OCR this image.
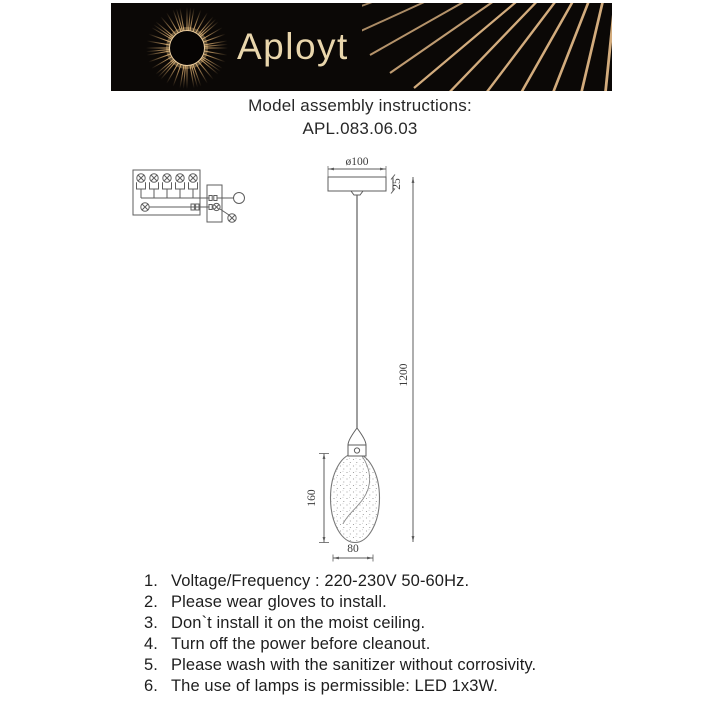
Aployt
Model assembly instructions:
APL.083.06.03
ø100
25
1200
160
80
1. Voltage/Frequency : 220-230V 50-60Hz.
2. Please wear gloves to install.
3. Don`t install it on the moist ceiling.
4. Turn off the power before cleanout.
5. Please wash with the sanitizer without corrosivity.
6. The use of lamps is permissible: LED 1x3W.
